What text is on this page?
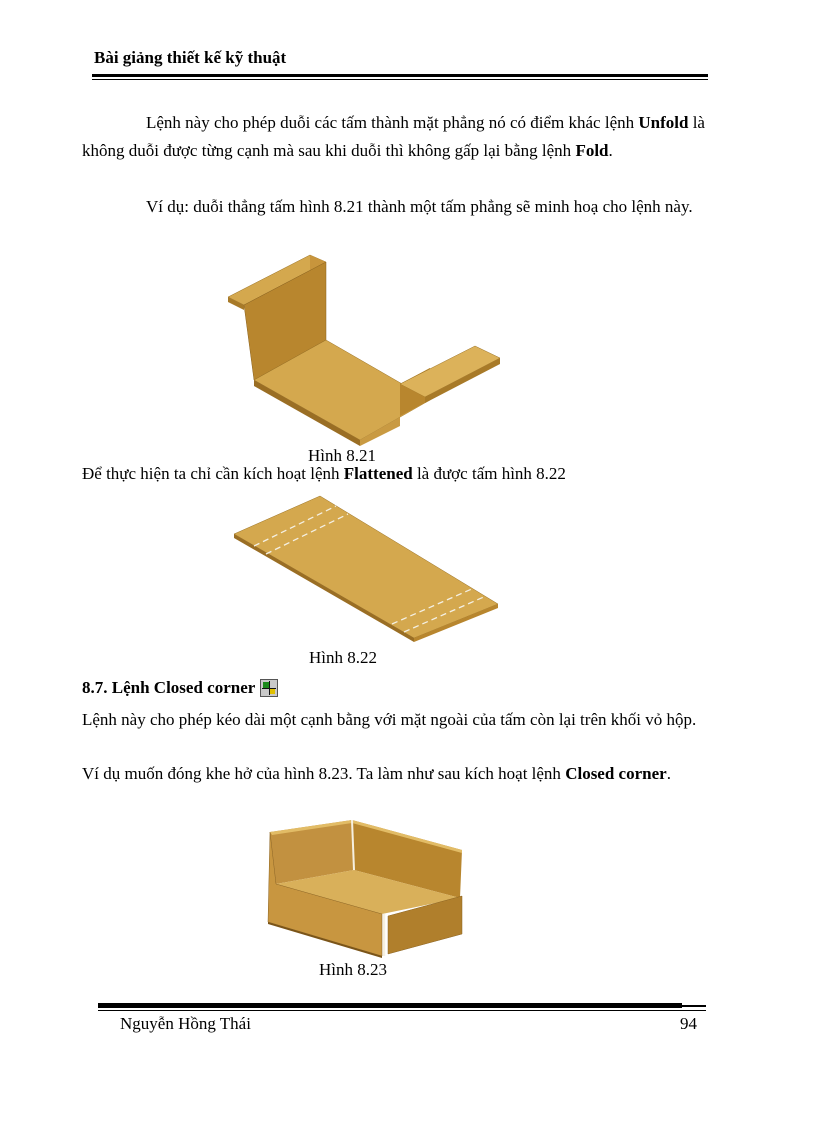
Bài giảng thiết kế kỹ thuật

Lệnh này cho phép duỗi các tấm thành mặt phẳng nó có điểm khác lệnh Unfold là không duỗi được từng cạnh mà sau khi duỗi thì không gấp lại bằng lệnh Fold.

Ví dụ: duỗi thẳng tấm hình 8.21 thành một tấm phẳng sẽ minh hoạ cho lệnh này.

Hình 8.21

Để thực hiện ta chỉ cần kích hoạt lệnh Flattened là được tấm hình 8.22

Hình 8.22
8.7. Lệnh Closed corner

Lệnh này cho phép kéo dài một cạnh bằng với mặt ngoài của tấm còn lại trên khối vỏ hộp.

Ví dụ muốn đóng khe hở của hình 8.23. Ta làm như sau kích hoạt lệnh Closed corner.

Hình 8.23
Nguyễn Hồng Thái	94
